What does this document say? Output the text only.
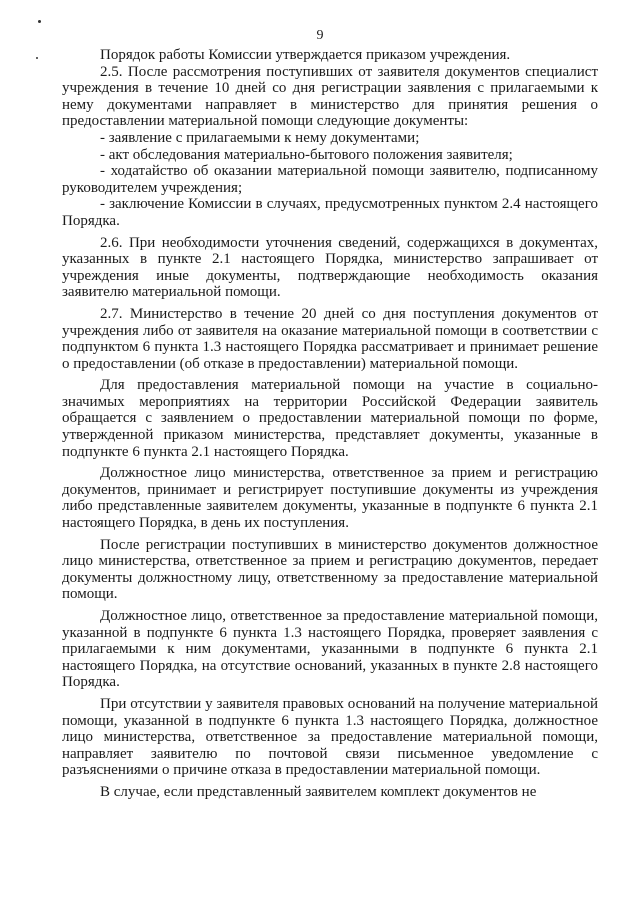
9

Порядок работы Комиссии утверждается приказом учреждения.

2.5. После рассмотрения поступивших от заявителя документов специалист учреждения в течение 10 дней со дня регистрации заявления с прилагаемыми к нему документами направляет в министерство для принятия решения о предоставлении материальной помощи следующие документы:

- заявление с прилагаемыми к нему документами;

- акт обследования материально-бытового положения заявителя;

- ходатайство об оказании материальной помощи заявителю, подписанному руководителем учреждения;

- заключение Комиссии в случаях, предусмотренных пунктом 2.4 настоящего Порядка.

2.6. При необходимости уточнения сведений, содержащихся в документах, указанных в пункте 2.1 настоящего Порядка, министерство запрашивает от учреждения иные документы, подтверждающие необходимость оказания заявителю материальной помощи.

2.7. Министерство в течение 20 дней со дня поступления документов от учреждения либо от заявителя на оказание материальной помощи в соответствии с подпунктом 6 пункта 1.3 настоящего Порядка рассматривает и принимает решение о предоставлении (об отказе в предоставлении) материальной помощи.

Для предоставления материальной помощи на участие в социально-значимых мероприятиях на территории Российской Федерации заявитель обращается с заявлением о предоставлении материальной помощи по форме, утвержденной приказом министерства, представляет документы, указанные в подпункте 6 пункта 2.1 настоящего Порядка.

Должностное лицо министерства, ответственное за прием и регистрацию документов, принимает и регистрирует поступившие документы из учреждения либо представленные заявителем документы, указанные в подпункте 6 пункта 2.1 настоящего Порядка, в день их поступления.

После регистрации поступивших в министерство документов должностное лицо министерства, ответственное за прием и регистрацию документов, передает документы должностному лицу, ответственному за предоставление материальной помощи.

Должностное лицо, ответственное за предоставление материальной помощи, указанной в подпункте 6 пункта 1.3 настоящего Порядка, проверяет заявления с прилагаемыми к ним документами, указанными в подпункте 6 пункта 2.1 настоящего Порядка, на отсутствие оснований, указанных в пункте 2.8 настоящего Порядка.

При отсутствии у заявителя правовых оснований на получение материальной помощи, указанной в подпункте 6 пункта 1.3 настоящего Порядка, должностное лицо министерства, ответственное за предоставление материальной помощи, направляет заявителю по почтовой связи письменное уведомление с разъяснениями о причине отказа в предоставлении материальной помощи.

В случае, если представленный заявителем комплект документов не
